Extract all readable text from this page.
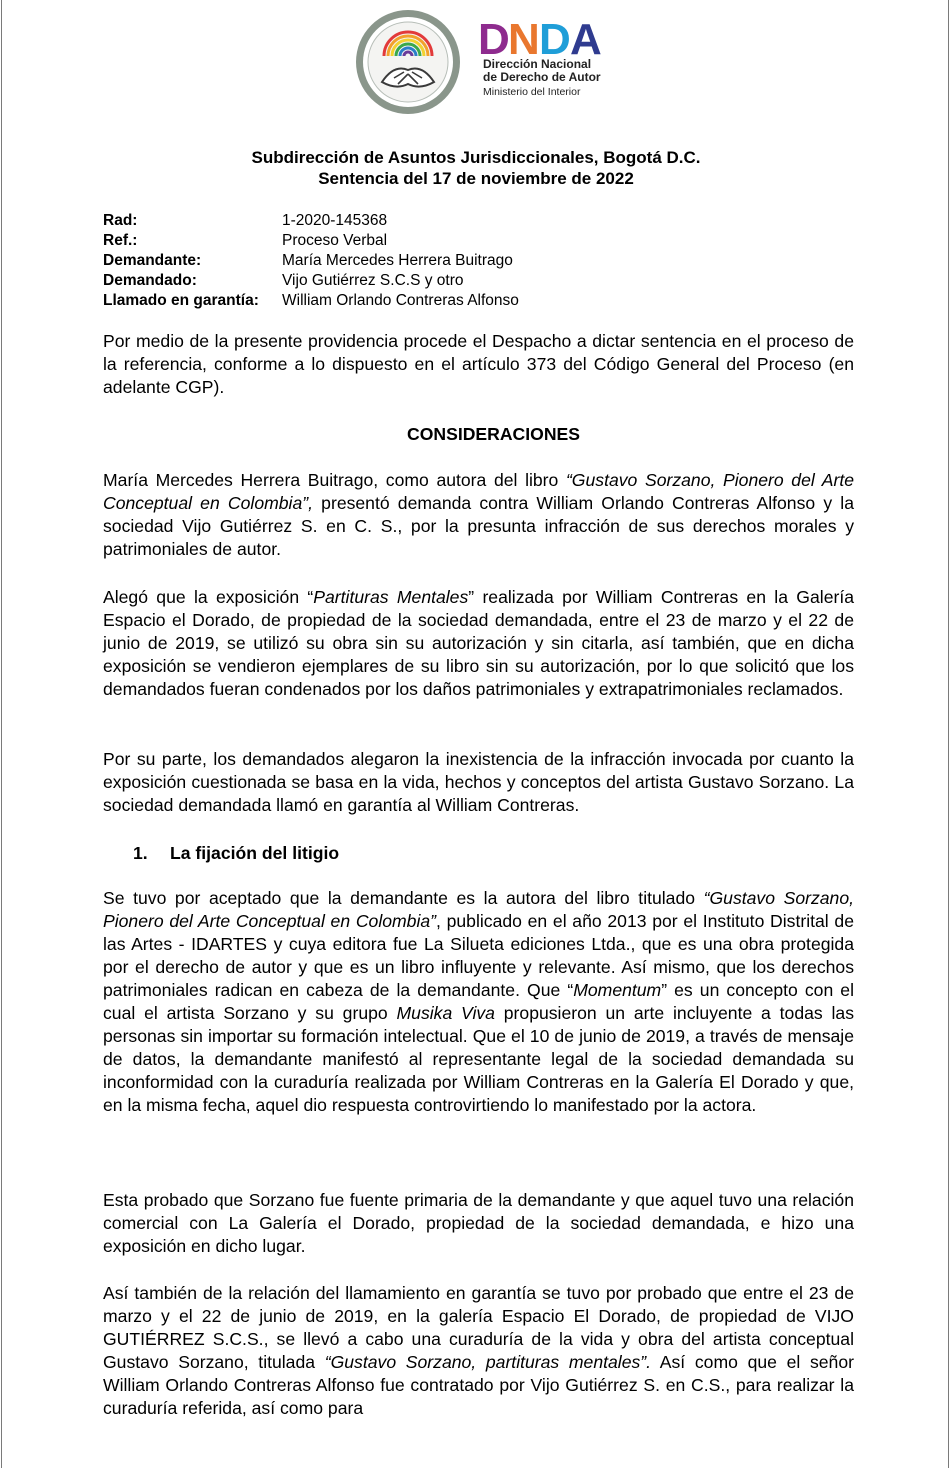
D N D A
Dirección Nacional
de Derecho de Autor
Ministerio del Interior
Subdirección de Asuntos Jurisdiccionales, Bogotá D.C.
Sentencia del 17 de noviembre de 2022
Rad:	1-2020-145368
Ref.:	Proceso Verbal
Demandante:	María Mercedes Herrera Buitrago
Demandado:	Vijo Gutiérrez S.C.S y otro
Llamado en garantía: William Orlando Contreras Alfonso

Por medio de la presente providencia procede el Despacho a dictar sentencia en el proceso de la referencia, conforme a lo dispuesto en el artículo 373 del Código General del Proceso (en adelante CGP).

CONSIDERACIONES

María Mercedes Herrera Buitrago, como autora del libro “Gustavo Sorzano, Pionero del Arte Conceptual en Colombia”, presentó demanda contra William Orlando Contreras Alfonso y la sociedad Vijo Gutiérrez S. en C. S., por la presunta infracción de sus derechos morales y patrimoniales de autor.

Alegó que la exposición “Partituras Mentales” realizada por William Contreras en la Galería Espacio el Dorado, de propiedad de la sociedad demandada, entre el 23 de marzo y el 22 de junio de 2019, se utilizó su obra sin su autorización y sin citarla, así también, que en dicha exposición se vendieron ejemplares de su libro sin su autorización, por lo que solicitó que los demandados fueran condenados por los daños patrimoniales y extrapatrimoniales reclamados.

Por su parte, los demandados alegaron la inexistencia de la infracción invocada por cuanto la exposición cuestionada se basa en la vida, hechos y conceptos del artista Gustavo Sorzano. La sociedad demandada llamó en garantía al William Contreras.

1. La fijación del litigio

Se tuvo por aceptado que la demandante es la autora del libro titulado “Gustavo Sorzano, Pionero del Arte Conceptual en Colombia”, publicado en el año 2013 por el Instituto Distrital de las Artes - IDARTES y cuya editora fue La Silueta ediciones Ltda., que es una obra protegida por el derecho de autor y que es un libro influyente y relevante. Así mismo, que los derechos patrimoniales radican en cabeza de la demandante. Que “Momentum” es un concepto con el cual el artista Sorzano y su grupo Musika Viva propusieron un arte incluyente a todas las personas sin importar su formación intelectual. Que el 10 de junio de 2019, a través de mensaje de datos, la demandante manifestó al representante legal de la sociedad demandada su inconformidad con la curaduría realizada por William Contreras en la Galería El Dorado y que, en la misma fecha, aquel dio respuesta controvirtiendo lo manifestado por la actora.

Esta probado que Sorzano fue fuente primaria de la demandante y que aquel tuvo una relación comercial con La Galería el Dorado, propiedad de la sociedad demandada, e hizo una exposición en dicho lugar.

Así también de la relación del llamamiento en garantía se tuvo por probado que entre el 23 de marzo y el 22 de junio de 2019, en la galería Espacio El Dorado, de propiedad de VIJO GUTIÉRREZ S.C.S., se llevó a cabo una curaduría de la vida y obra del artista conceptual Gustavo Sorzano, titulada “Gustavo Sorzano, partituras mentales”. Así como que el señor William Orlando Contreras Alfonso fue contratado por Vijo Gutiérrez S. en C.S., para realizar la curaduría referida, así como para
